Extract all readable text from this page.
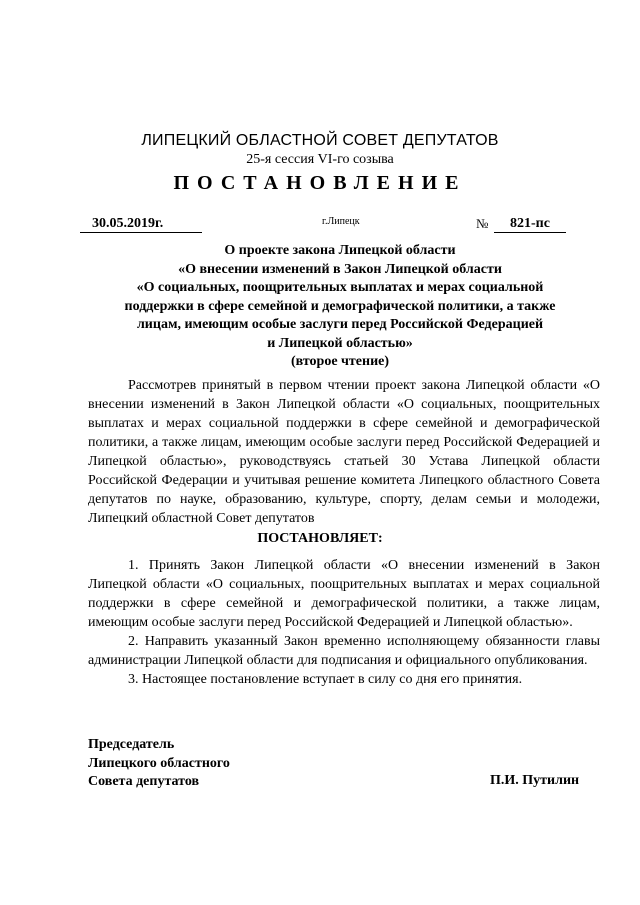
ЛИПЕЦКИЙ ОБЛАСТНОЙ СОВЕТ ДЕПУТАТОВ
25-я сессия VI-го созыва
ПОСТАНОВЛЕНИЕ
30.05.2019г.	г.Липецк	№	821-пс
О проекте закона Липецкой области
«О внесении изменений в Закон Липецкой области
«О социальных, поощрительных выплатах и мерах социальной
поддержки в сфере семейной и демографической политики, а также
лицам, имеющим особые заслуги перед Российской Федерацией
и Липецкой областью»
(второе чтение)

Рассмотрев принятый в первом чтении проект закона Липецкой области «О внесении изменений в Закон Липецкой области «О социальных, поощрительных выплатах и мерах социальной поддержки в сфере семейной и демографической политики, а также лицам, имеющим особые заслуги перед Российской Федерацией и Липецкой областью», руководствуясь статьей 30 Устава Липецкой области Российской Федерации и учитывая решение комитета Липецкого областного Совета депутатов по науке, образованию, культуре, спорту, делам семьи и молодежи, Липецкий областной Совет депутатов

ПОСТАНОВЛЯЕТ:

1. Принять Закон Липецкой области «О внесении изменений в Закон Липецкой области «О социальных, поощрительных выплатах и мерах социальной поддержки в сфере семейной и демографической политики, а также лицам, имеющим особые заслуги перед Российской Федерацией и Липецкой областью».

2. Направить указанный Закон временно исполняющему обязанности главы администрации Липецкой области для подписания и официального опубликования.

3. Настоящее постановление вступает в силу со дня его принятия.

Председатель
Липецкого областного
Совета депутатов	П.И. Путилин
